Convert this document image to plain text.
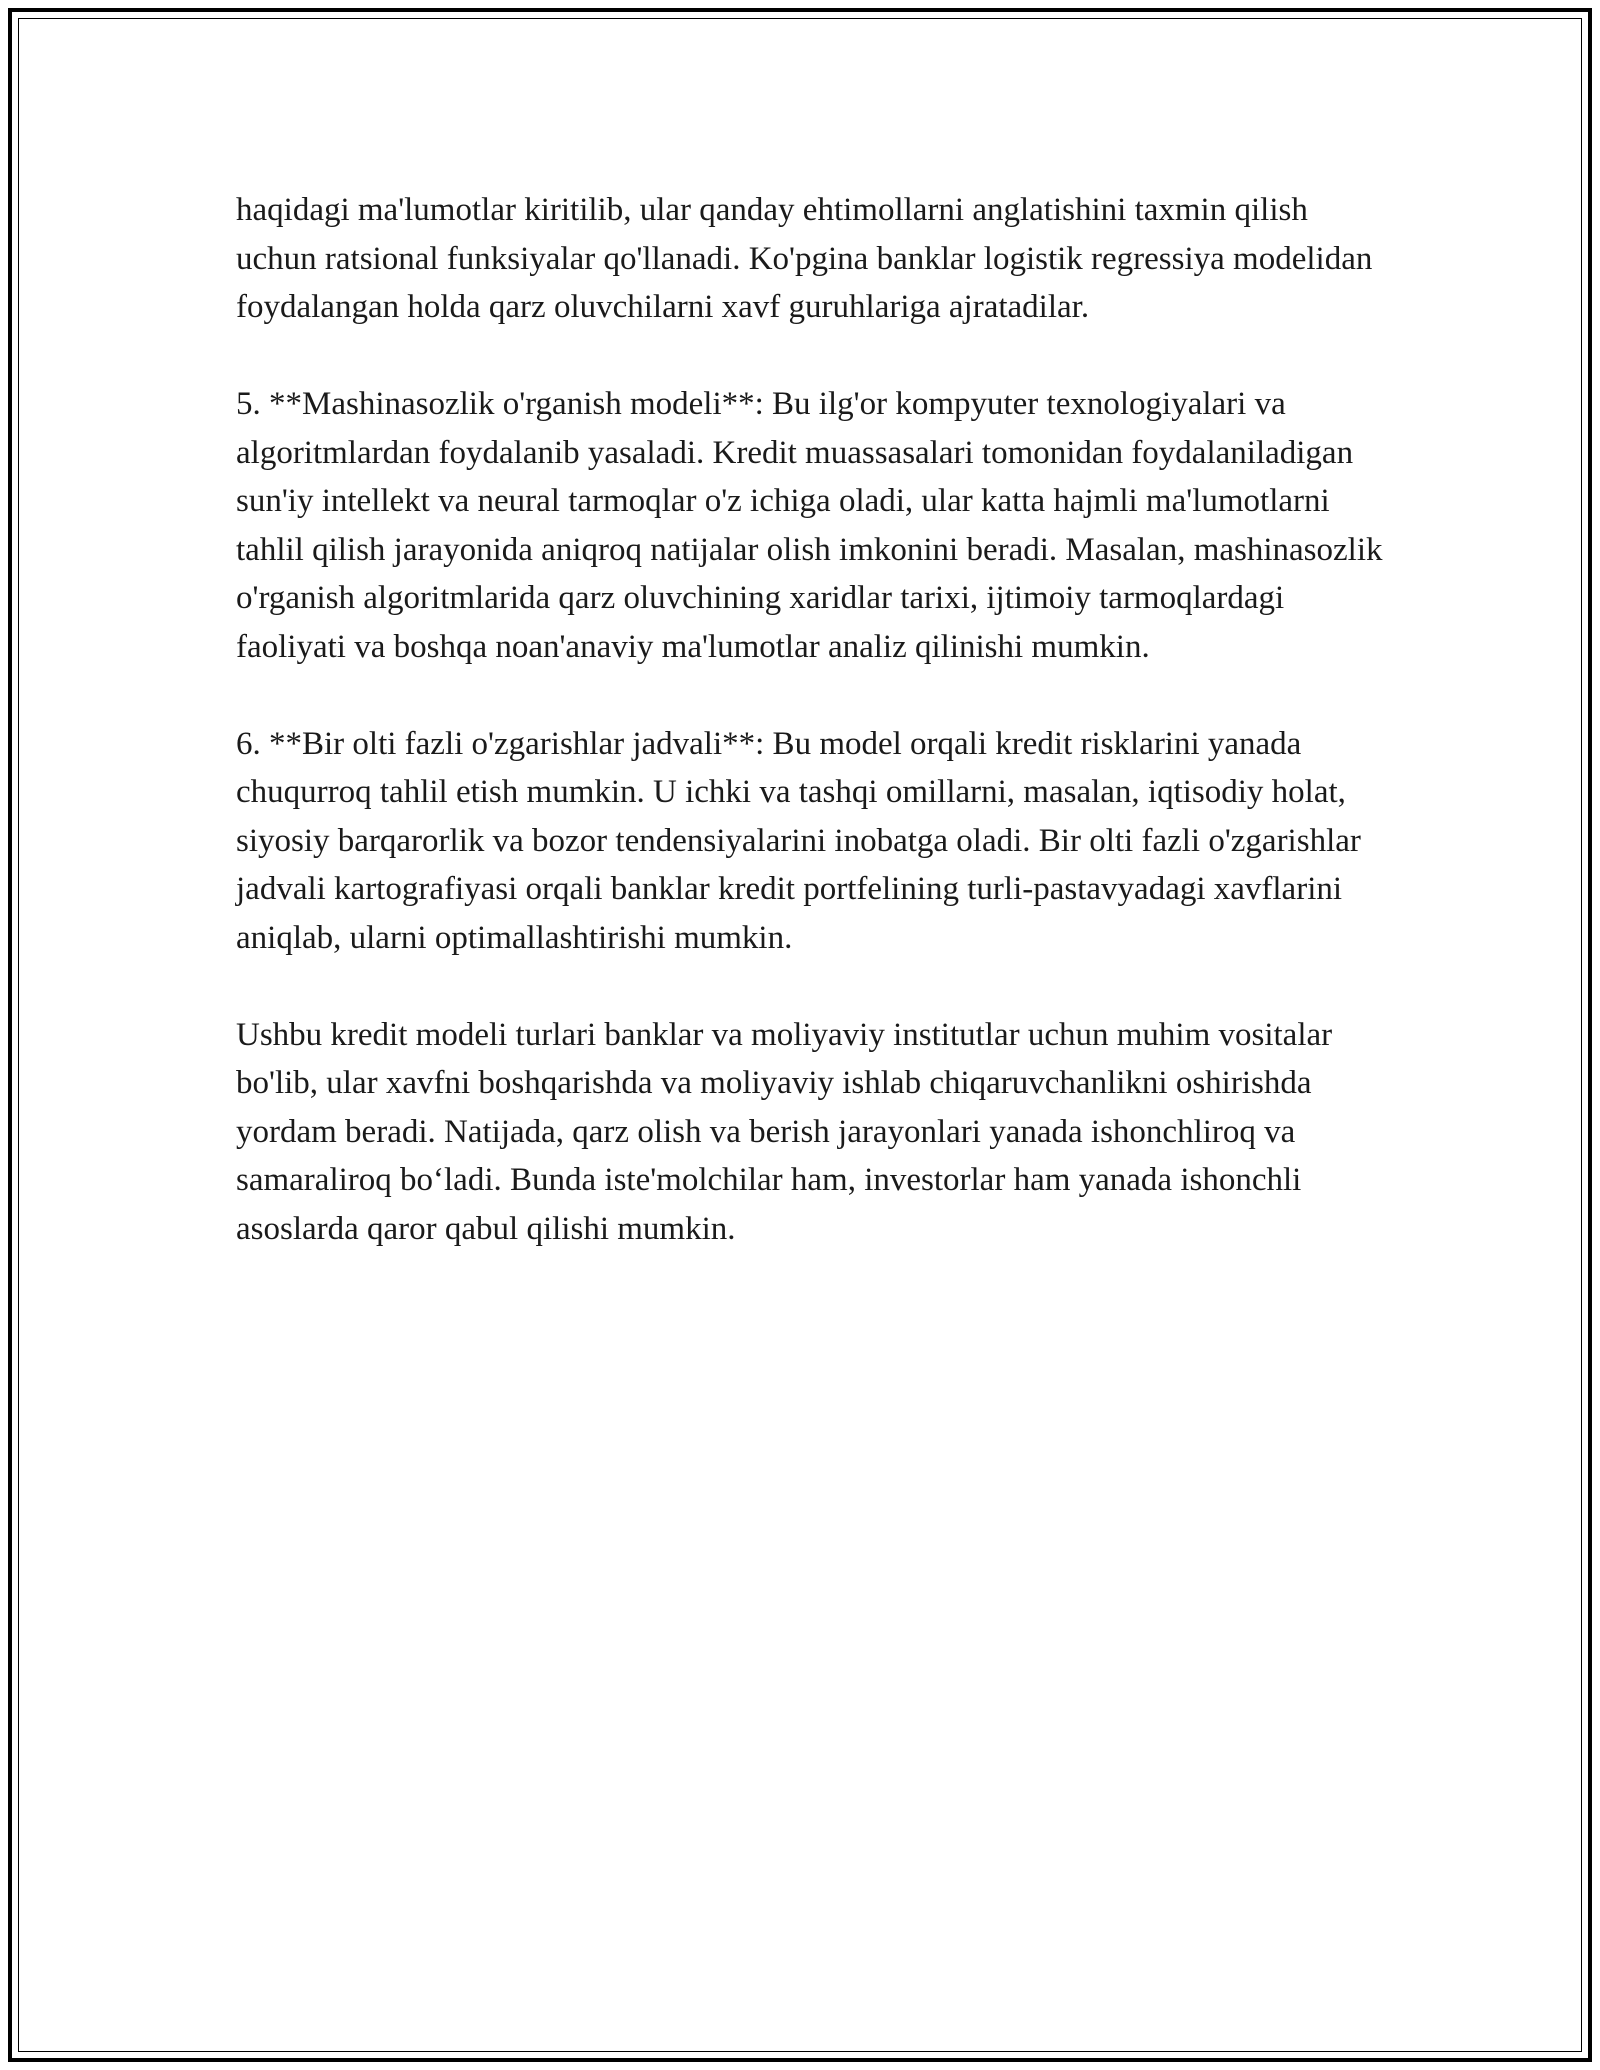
haqidagi ma'lumotlar kiritilib, ular qanday ehtimollarni anglatishini taxmin qilish uchun ratsional funksiyalar qo'llanadi. Ko'pgina banklar logistik regressiya modelidan foydalangan holda qarz oluvchilarni xavf guruhlariga ajratadilar.

5. **Mashinasozlik o'rganish modeli**: Bu ilg'or kompyuter texnologiyalari va algoritmlardan foydalanib yasaladi. Kredit muassasalari tomonidan foydalaniladigan sun'iy intellekt va neural tarmoqlar o'z ichiga oladi, ular katta hajmli ma'lumotlarni tahlil qilish jarayonida aniqroq natijalar olish imkonini beradi. Masalan, mashinasozlik o'rganish algoritmlarida qarz oluvchining xaridlar tarixi, ijtimoiy tarmoqlardagi faoliyati va boshqa noan'anaviy ma'lumotlar analiz qilinishi mumkin.

6. **Bir olti fazli o'zgarishlar jadvali**: Bu model orqali kredit risklarini yanada chuqurroq tahlil etish mumkin. U ichki va tashqi omillarni, masalan, iqtisodiy holat, siyosiy barqarorlik va bozor tendensiyalarini inobatga oladi. Bir olti fazli o'zgarishlar jadvali kartografiyasi orqali banklar kredit portfelining turli-pastavyadagi xavflarini aniqlab, ularni optimallashtirishi mumkin.

Ushbu kredit modeli turlari banklar va moliyaviy institutlar uchun muhim vositalar bo'lib, ular xavfni boshqarishda va moliyaviy ishlab chiqaruvchanlikni oshirishda yordam beradi. Natijada, qarz olish va berish jarayonlari yanada ishonchliroq va samaraliroq bo‘ladi. Bunda iste'molchilar ham, investorlar ham yanada ishonchli asoslarda qaror qabul qilishi mumkin.
